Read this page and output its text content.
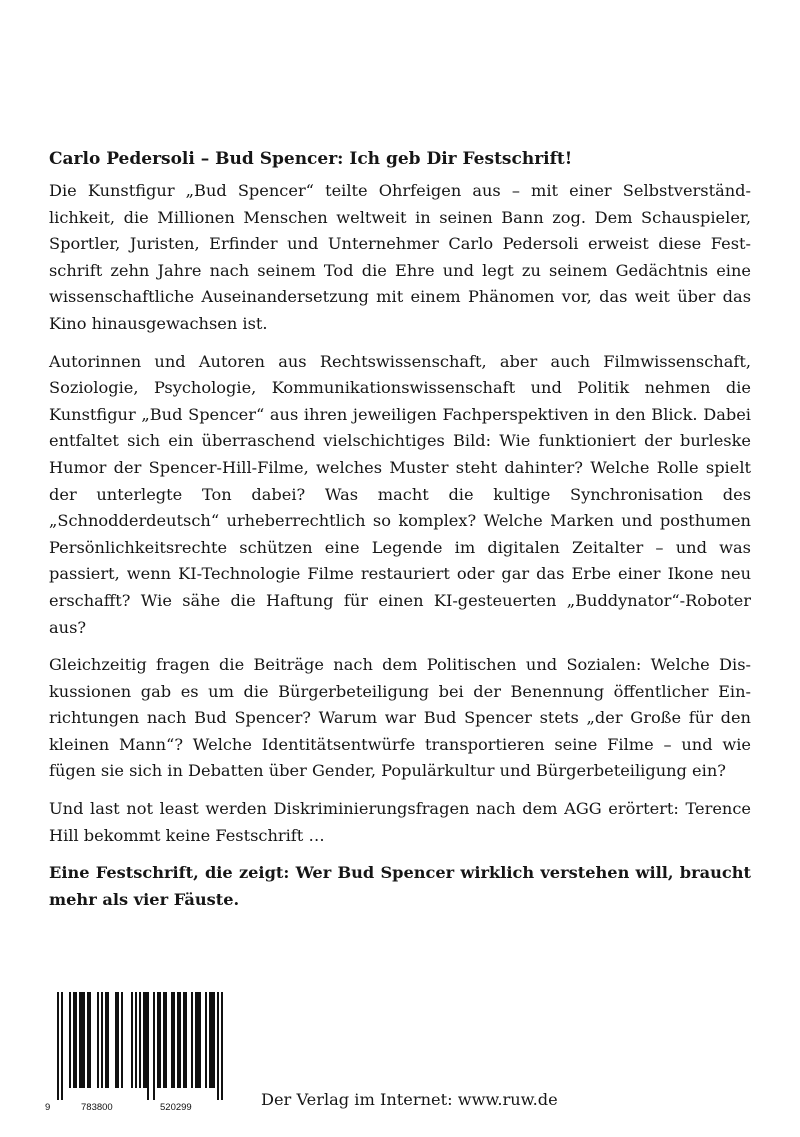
Carlo Pedersoli – Bud Spencer: Ich geb Dir Festschrift!

Die Kunstfigur „Bud Spencer“ teilte Ohrfeigen aus – mit einer Selbstverständlichkeit, die Millionen Menschen weltweit in seinen Bann zog. Dem Schauspieler, Sportler, Juristen, Erfinder und Unternehmer Carlo Pedersoli erweist diese Festschrift zehn Jahre nach seinem Tod die Ehre und legt zu seinem Gedächtnis eine wissenschaftliche Auseinandersetzung mit einem Phänomen vor, das weit über das Kino hinausgewachsen ist.

Autorinnen und Autoren aus Rechtswissenschaft, aber auch Filmwissenschaft, Soziologie, Psychologie, Kommunikationswissenschaft und Politik nehmen die Kunstfigur „Bud Spencer“ aus ihren jeweiligen Fachperspektiven in den Blick. Dabei entfaltet sich ein überraschend vielschichtiges Bild: Wie funktioniert der burleske Humor der Spencer-Hill-Filme, welches Muster steht dahinter? Welche Rolle spielt der unterlegte Ton dabei? Was macht die kultige Synchronisation des „Schnodderdeutsch“ urheberrechtlich so komplex? Welche Marken und posthumen Persönlichkeitsrechte schützen eine Legende im digitalen Zeitalter – und was passiert, wenn KI-Technologie Filme restauriert oder gar das Erbe einer Ikone neu erschafft? Wie sähe die Haftung für einen KI-gesteuerten „Buddynator“-Roboter aus?

Gleichzeitig fragen die Beiträge nach dem Politischen und Sozialen: Welche Diskussionen gab es um die Bürgerbeteiligung bei der Benennung öffentlicher Einrichtungen nach Bud Spencer? Warum war Bud Spencer stets „der Große für den kleinen Mann“? Welche Identitätsentwürfe transportieren seine Filme – und wie fügen sie sich in Debatten über Gender, Populärkultur und Bürgerbeteiligung ein?

Und last not least werden Diskriminierungsfragen nach dem AGG erörtert: Terence Hill bekommt keine Festschrift …

Eine Festschrift, die zeigt: Wer Bud Spencer wirklich verstehen will, braucht mehr als vier Fäuste.

9	783800	520299	Der Verlag im Internet: www.ruw.de
